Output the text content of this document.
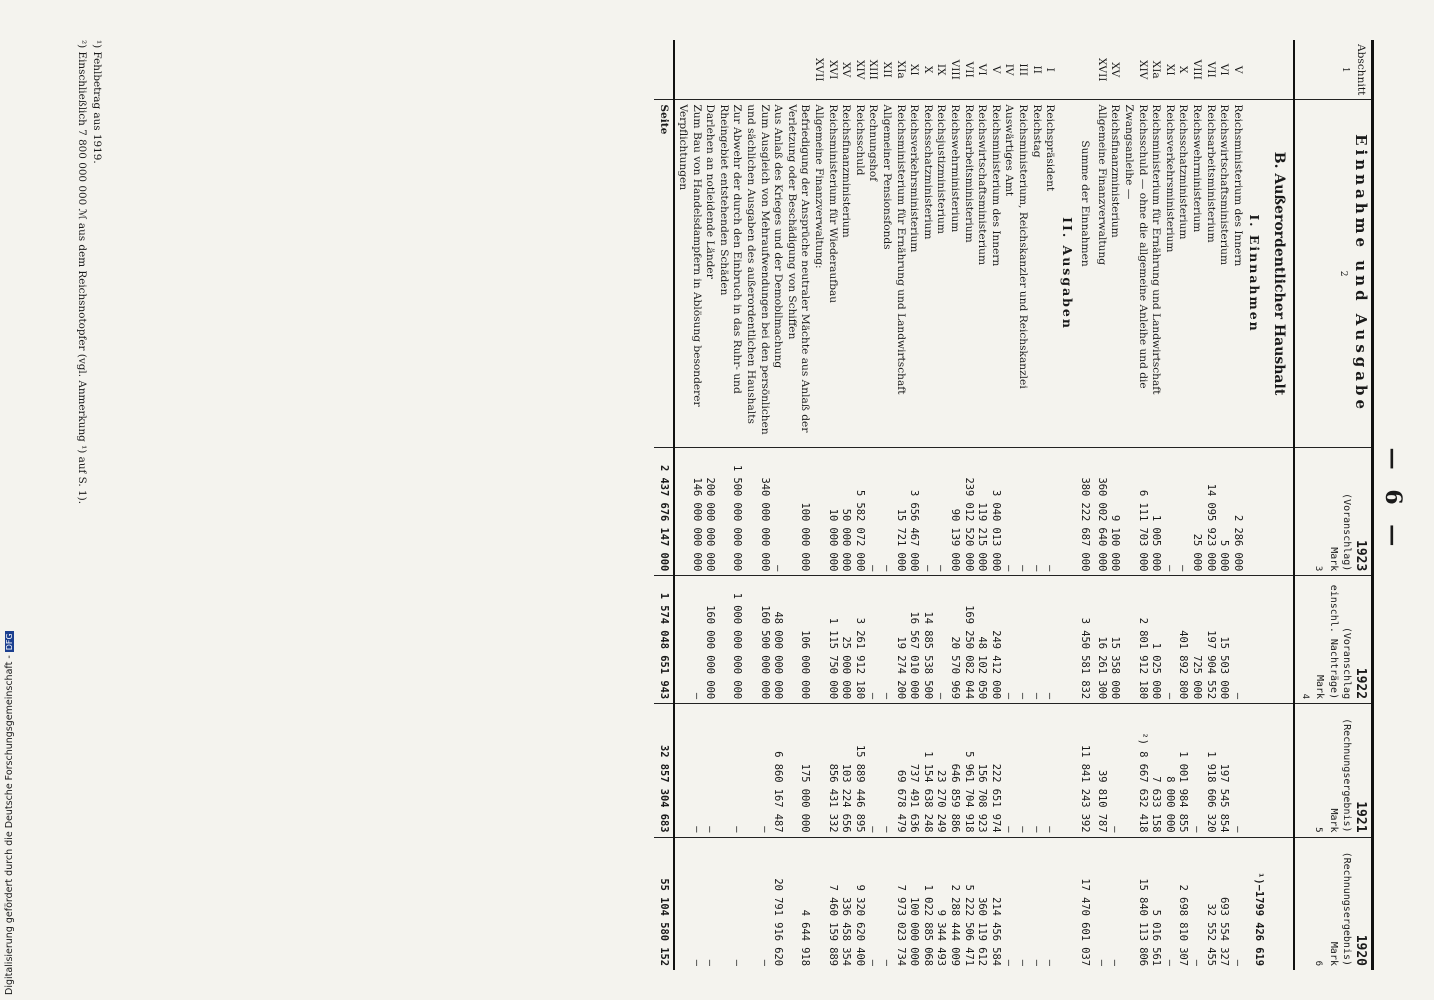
— 6 —
Abschnitt
1	Einnahme und Ausgabe
2	1923
(Voranschlag)
Mark
3	1922
(Voranschlag einschl. Nachträge)
Mark
4	1921
(Rechnungsergebnis)
Mark
5	1920
(Rechnungsergebnis)
Mark
6

	B. Außerordentlicher Haushalt				
	I. Einnahmen				¹)−1799 426 619
V	Reichsministerium des Innern	2 286 000	—	—	—
VI	Reichswirtschaftsministerium	5 000	15 503 000	197 545 854	693 554 327
VII	Reichsarbeitsministerium	14 095 923 000	197 904 552	1 918 606 320	32 552 455
VIII	Reichswehrministerium	25 000	725 000	—	—
X	Reichsschatzministerium	—	401 892 800	1 001 984 855	2 698 810 307
XI	Reichsverkehrsministerium	—	—	8 000 000	—
XIa	Reichsministerium für Ernährung und Landwirtschaft	1 005 000	1 025 000	7 633 158	5 016 561
XIV	Reichsschuld — ohne die allgemeine Anleihe und die Zwangsanleihe —	6 111 703 000	2 801 912 180	²) 8 667 632 418	15 840 113 806
XV	Reichsfinanzministerium	9 100 000	15 358 000	—	—
XVII	Allgemeine Finanzverwaltung	360 002 640 000	16 261 300	39 810 787	—
	Summe der Einnahmen	380 222 687 000	3 450 581 832	11 841 243 392	17 470 601 037
	II. Ausgaben				
I	Reichspräsident	—	—	—	—
II	Reichstag	—	—	—	—
III	Reichsministerium, Reichskanzler und Reichskanzlei	—	—	—	—
IV	Auswärtiges Amt	—	—	—	—
V	Reichsministerium des Innern	3 040 013 000	249 412 000	222 651 974	214 456 584
VI	Reichswirtschaftsministerium	119 215 000	48 102 050	156 708 923	360 119 612
VII	Reichsarbeitsministerium	239 012 520 000	169 250 082 044	5 961 704 918	5 222 506 471
VIII	Reichswehrministerium	90 139 000	20 570 969	646 859 886	2 288 444 009
IX	Reichsjustizministerium	—	—	23 270 249	9 344 493
X	Reichsschatzministerium	—	14 885 538 500	1 154 638 248	1 022 885 068
XI	Reichsverkehrsministerium	3 656 467 000	16 567 010 000	737 491 636	100 000 000
XIa	Reichsministerium für Ernährung und Landwirtschaft	15 721 000	19 274 200	69 678 479	7 973 023 734
XII	Allgemeiner Pensionsfonds	—	—	—	—
XIII	Rechnungshof	—	—	—	—
XIV	Reichsschuld	5 582 072 000	3 261 912 180	15 889 446 895	9 320 620 400
XV	Reichsfinanzministerium	50 000 000	25 000 000	103 224 656	336 458 354
XVI	Reichsministerium für Wiederaufbau	10 000 000	1 115 750 000	856 431 332	7 460 159 889
XVII	Allgemeine Finanzverwaltung:				
	Befriedigung der Ansprüche neutraler Mächte aus Anlaß der Verletzung oder Beschädigung von Schiffen	100 000 000	106 000 000	175 000 000	4 644 918
	Aus Anlaß des Krieges und der Demobilmachung	—	48 000 000 000	6 860 167 487	20 791 916 620
	Zum Ausgleich von Mehraufwendungen bei den persönlichen und sächlichen Ausgaben des außerordentlichen Haushalts	340 000 000 000	160 500 000 000	—	—
	Zur Abwehr der durch den Einbruch in das Ruhr- und Rheingebiet entstehenden Schäden	1 500 000 000 000	1 000 000 000 000	—	—
	Darlehen an notleidende Länder	200 000 000 000	160 000 000 000	—	—
	Zum Bau von Handelsdampfern in Ablösung besonderer Verpflichtungen	146 000 000 000	—	—	—
	Seite	2 437 676 147 000	1 574 048 651 943	32 857 304 683	55 104 580 152
¹) Fehlbetrag aus 1919.
²) Einschließlich 7 800 000 000 ℳ aus dem Reichsnotopfer (vgl. Anmerkung ¹) auf S. 1).
Digitalisierung gefördert durch die Deutsche Forschungsgemeinschaft -DFG
